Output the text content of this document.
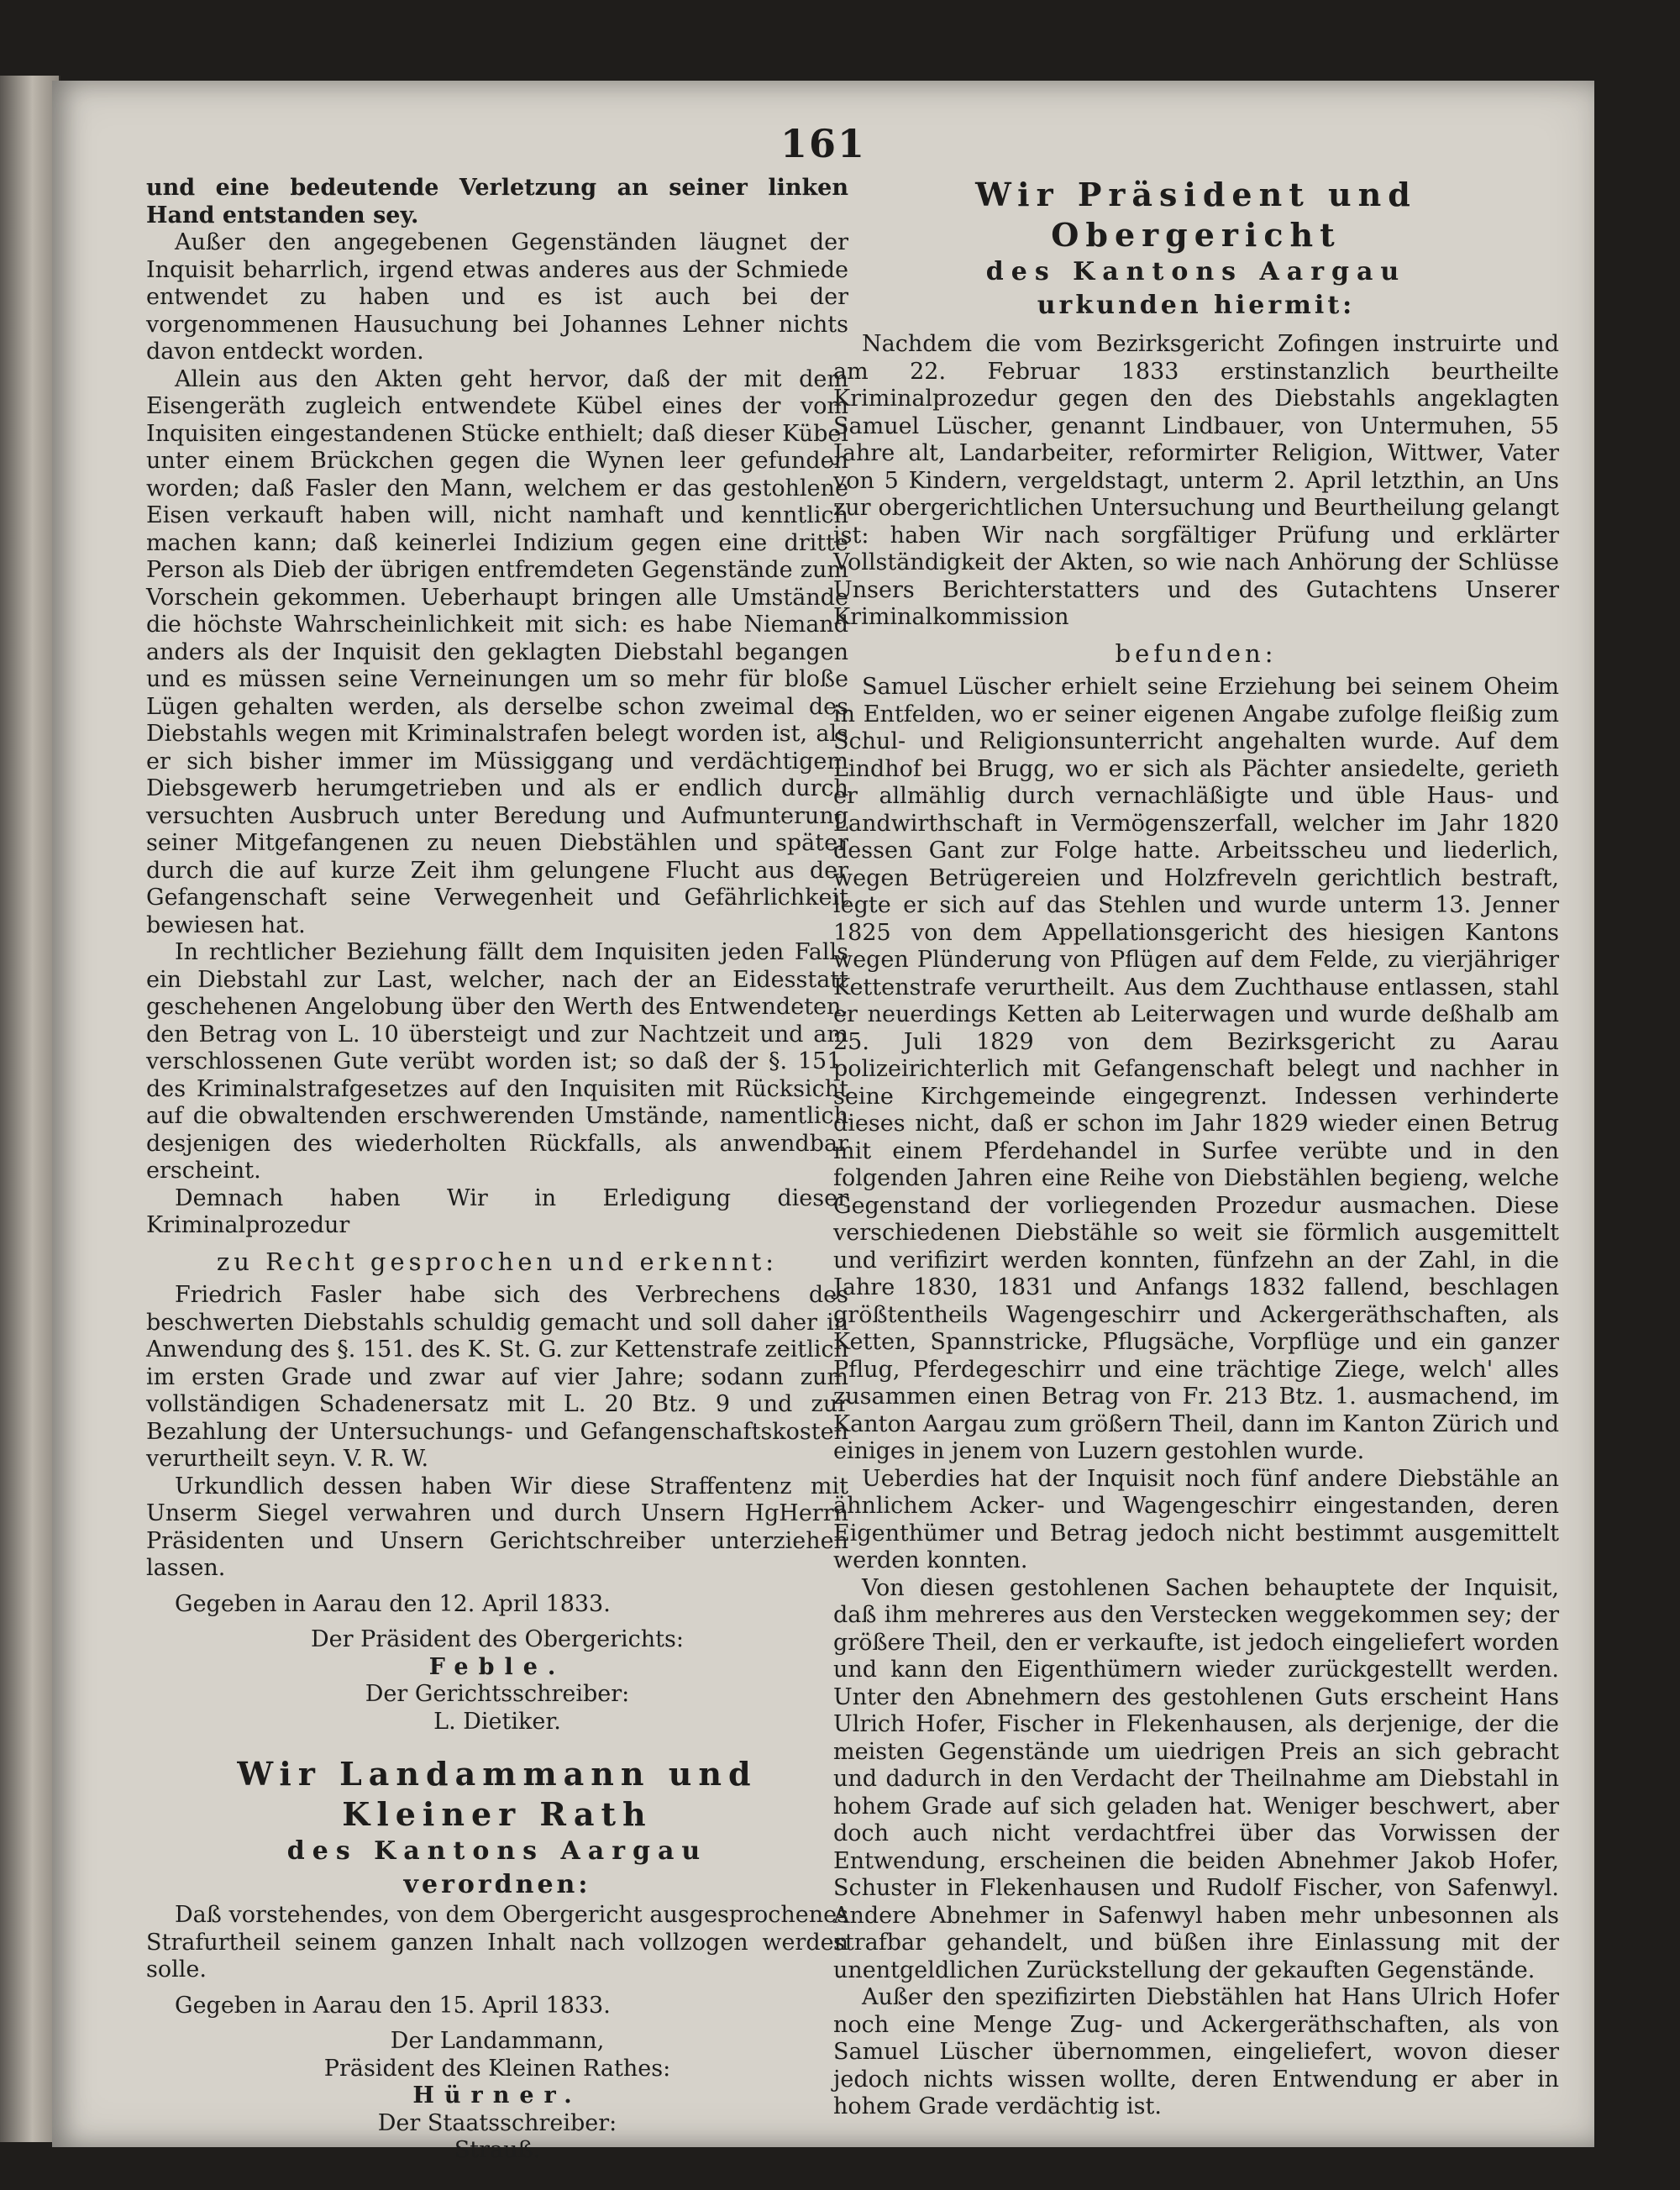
161

und eine bedeutende Verletzung an seiner linken Hand entstanden sey.

Außer den angegebenen Gegenständen läugnet der Inquisit beharrlich, irgend etwas anderes aus der Schmiede entwendet zu haben und es ist auch bei der vorgenommenen Hausuchung bei Johannes Lehner nichts davon entdeckt worden.

Allein aus den Akten geht hervor, daß der mit dem Eisengeräth zugleich entwendete Kübel eines der vom Inquisiten eingestandenen Stücke enthielt; daß dieser Kübel unter einem Brückchen gegen die Wynen leer gefunden worden; daß Fasler den Mann, welchem er das gestohlene Eisen verkauft haben will, nicht namhaft und kenntlich machen kann; daß keinerlei Indizium gegen eine dritte Person als Dieb der übrigen entfremdeten Gegenstände zum Vorschein gekommen. Ueberhaupt bringen alle Umstände die höchste Wahrscheinlichkeit mit sich: es habe Niemand anders als der Inquisit den geklagten Diebstahl begangen und es müssen seine Verneinungen um so mehr für bloße Lügen gehalten werden, als derselbe schon zweimal des Diebstahls wegen mit Kriminalstrafen belegt worden ist, als er sich bisher immer im Müssiggang und verdächtigem Diebsgewerb herumgetrieben und als er endlich durch versuchten Ausbruch unter Beredung und Aufmunterung seiner Mitgefangenen zu neuen Diebstählen und später durch die auf kurze Zeit ihm gelungene Flucht aus der Gefangenschaft seine Verwegenheit und Gefährlichkeit bewiesen hat.

In rechtlicher Beziehung fällt dem Inquisiten jeden Falls ein Diebstahl zur Last, welcher, nach der an Eidesstatt geschehenen Angelobung über den Werth des Entwendeten, den Betrag von L. 10 übersteigt und zur Nachtzeit und am verschlossenen Gute verübt worden ist; so daß der §. 151. des Kriminalstrafgesetzes auf den Inquisiten mit Rücksicht auf die obwaltenden erschwerenden Umstände, namentlich desjenigen des wiederholten Rückfalls, als anwendbar erscheint.

Demnach haben Wir in Erledigung dieser Kriminalprozedur

zu Recht gesprochen und erkennt:

Friedrich Fasler habe sich des Verbrechens des beschwerten Diebstahls schuldig gemacht und soll daher in Anwendung des §. 151. des K. St. G. zur Kettenstrafe zeitlich im ersten Grade und zwar auf vier Jahre; sodann zum vollständigen Schadenersatz mit L. 20 Btz. 9 und zur Bezahlung der Untersuchungs- und Gefangenschaftskosten verurtheilt seyn. V. R. W.

Urkundlich dessen haben Wir diese Straffentenz mit Unserm Siegel verwahren und durch Unsern HgHerrn Präsidenten und Unsern Gerichtschreiber unterziehen lassen.

Gegeben in Aarau den 12. April 1833.

Der Präsident des Obergerichts:

Feble.

Der Gerichtsschreiber:

L. Dietiker.

Wir Landammann und Kleiner Rath
des Kantons Aargau
verordnen:

Daß vorstehendes, von dem Obergericht ausgesprochenes Strafurtheil seinem ganzen Inhalt nach vollzogen werden solle.

Gegeben in Aarau den 15. April 1833.

Der Landammann,

Präsident des Kleinen Rathes:

Hürner.

Der Staatsschreiber:

Strauß.

Wir Präsident und Obergericht
des Kantons Aargau
urkunden hiermit:

Nachdem die vom Bezirksgericht Zofingen instruirte und am 22. Februar 1833 erstinstanzlich beurtheilte Kriminalprozedur gegen den des Diebstahls angeklagten Samuel Lüscher, genannt Lindbauer, von Untermuhen, 55 Jahre alt, Landarbeiter, reformirter Religion, Wittwer, Vater von 5 Kindern, vergeldstagt, unterm 2. April letzthin, an Uns zur obergerichtlichen Untersuchung und Beurtheilung gelangt ist: haben Wir nach sorgfältiger Prüfung und erklärter Vollständigkeit der Akten, so wie nach Anhörung der Schlüsse Unsers Berichterstatters und des Gutachtens Unserer Kriminalkommission

befunden:

Samuel Lüscher erhielt seine Erziehung bei seinem Oheim in Entfelden, wo er seiner eigenen Angabe zufolge fleißig zum Schul- und Religionsunterricht angehalten wurde. Auf dem Lindhof bei Brugg, wo er sich als Pächter ansiedelte, gerieth er allmählig durch vernachläßigte und üble Haus- und Landwirthschaft in Vermögenszerfall, welcher im Jahr 1820 dessen Gant zur Folge hatte. Arbeitsscheu und liederlich, wegen Betrügereien und Holzfreveln gerichtlich bestraft, legte er sich auf das Stehlen und wurde unterm 13. Jenner 1825 von dem Appellationsgericht des hiesigen Kantons wegen Plünderung von Pflügen auf dem Felde, zu vierjähriger Kettenstrafe verurtheilt. Aus dem Zuchthause entlassen, stahl er neuerdings Ketten ab Leiterwagen und wurde deßhalb am 25. Juli 1829 von dem Bezirksgericht zu Aarau polizeirichterlich mit Gefangenschaft belegt und nachher in seine Kirchgemeinde eingegrenzt. Indessen verhinderte dieses nicht, daß er schon im Jahr 1829 wieder einen Betrug mit einem Pferdehandel in Surfee verübte und in den folgenden Jahren eine Reihe von Diebstählen begieng, welche Gegenstand der vorliegenden Prozedur ausmachen. Diese verschiedenen Diebstähle so weit sie förmlich ausgemittelt und verifizirt werden konnten, fünfzehn an der Zahl, in die Jahre 1830, 1831 und Anfangs 1832 fallend, beschlagen größtentheils Wagengeschirr und Ackergeräthschaften, als Ketten, Spannstricke, Pflugsäche, Vorpflüge und ein ganzer Pflug, Pferdegeschirr und eine trächtige Ziege, welch' alles zusammen einen Betrag von Fr. 213 Btz. 1. ausmachend, im Kanton Aargau zum größern Theil, dann im Kanton Zürich und einiges in jenem von Luzern gestohlen wurde.

Ueberdies hat der Inquisit noch fünf andere Diebstähle an ähnlichem Acker- und Wagengeschirr eingestanden, deren Eigenthümer und Betrag jedoch nicht bestimmt ausgemittelt werden konnten.

Von diesen gestohlenen Sachen behauptete der Inquisit, daß ihm mehreres aus den Verstecken weggekommen sey; der größere Theil, den er verkaufte, ist jedoch eingeliefert worden und kann den Eigenthümern wieder zurückgestellt werden. Unter den Abnehmern des gestohlenen Guts erscheint Hans Ulrich Hofer, Fischer in Flekenhausen, als derjenige, der die meisten Gegenstände um uiedrigen Preis an sich gebracht und dadurch in den Verdacht der Theilnahme am Diebstahl in hohem Grade auf sich geladen hat. Weniger beschwert, aber doch auch nicht verdachtfrei über das Vorwissen der Entwendung, erscheinen die beiden Abnehmer Jakob Hofer, Schuster in Flekenhausen und Rudolf Fischer, von Safenwyl. Andere Abnehmer in Safenwyl haben mehr unbesonnen als strafbar gehandelt, und büßen ihre Einlassung mit der unentgeldlichen Zurückstellung der gekauften Gegenstände.

Außer den spezifizirten Diebstählen hat Hans Ulrich Hofer noch eine Menge Zug- und Ackergeräthschaften, als von Samuel Lüscher übernommen, eingeliefert, wovon dieser jedoch nichts wissen wollte, deren Entwendung er aber in hohem Grade verdächtig ist.
